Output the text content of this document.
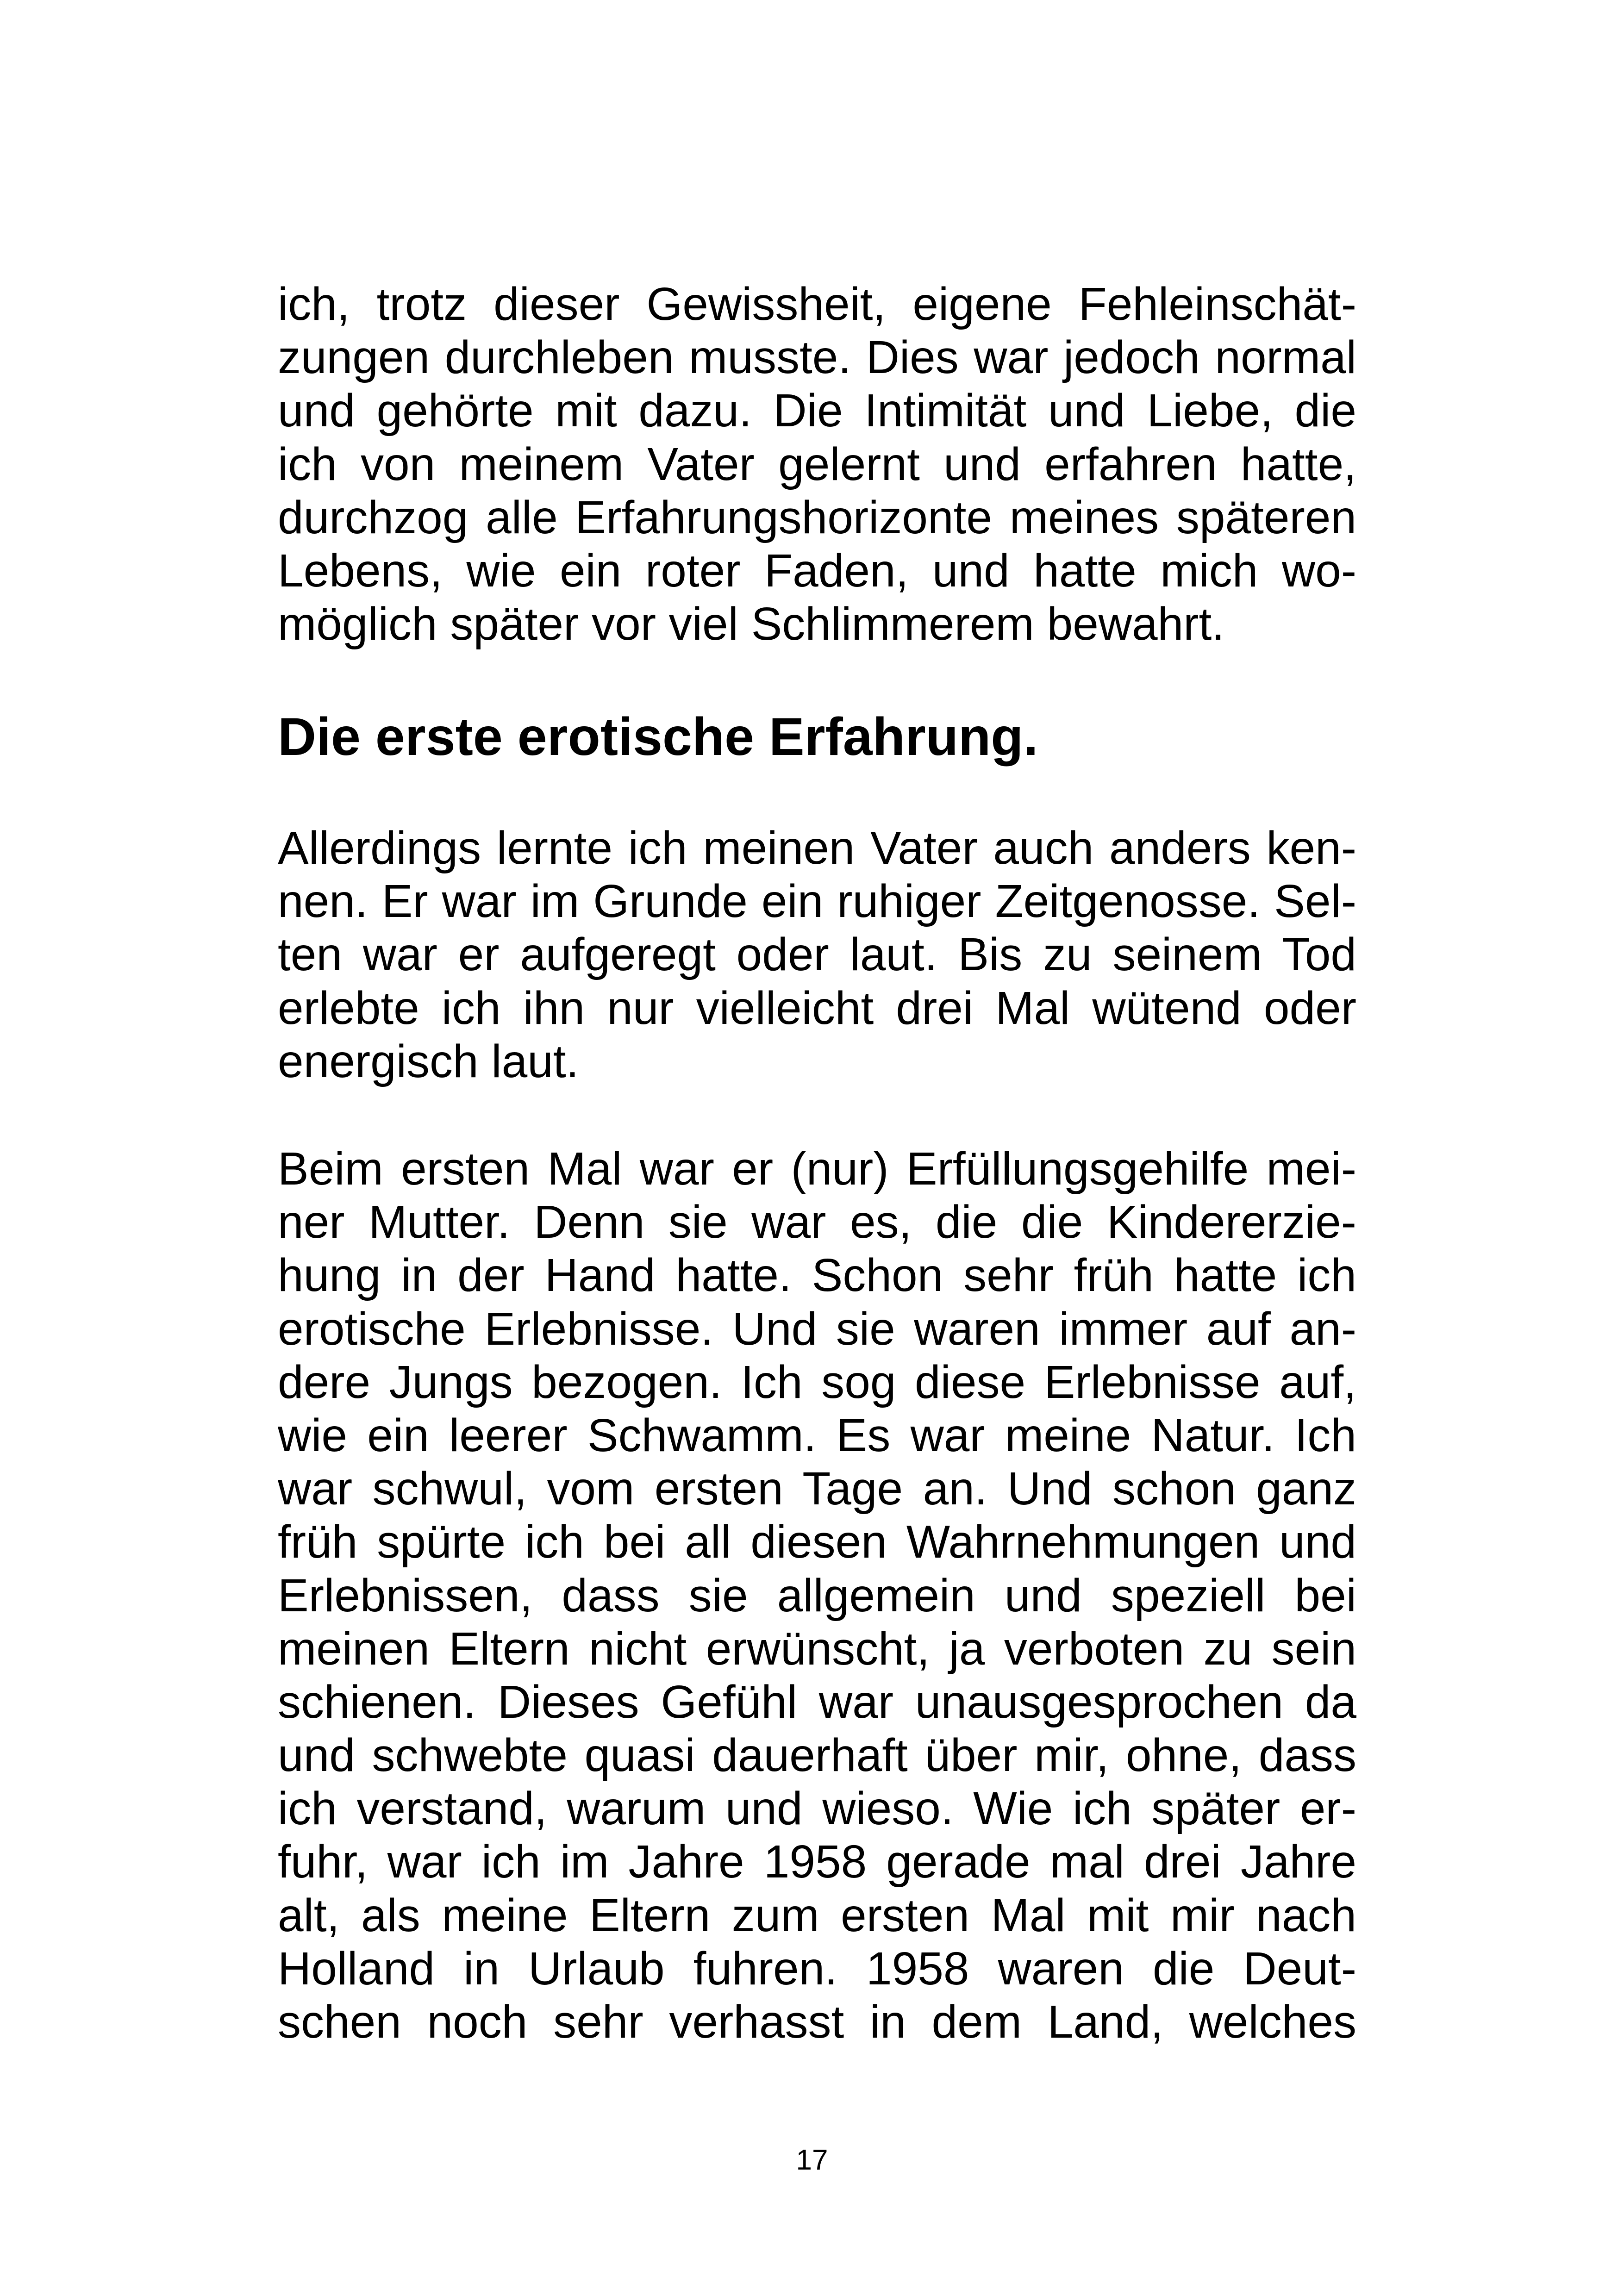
ich, trotz dieser Gewissheit, eigene Fehleinschät-
zungen durchleben musste. Dies war jedoch normal
und gehörte mit dazu. Die Intimität und Liebe, die
ich von meinem Vater gelernt und erfahren hatte,
durchzog alle Erfahrungshorizonte meines späteren
Lebens, wie ein roter Faden, und hatte mich wo-
möglich später vor viel Schlimmerem bewahrt.
Die erste erotische Erfahrung.
Allerdings lernte ich meinen Vater auch anders ken-
nen. Er war im Grunde ein ruhiger Zeitgenosse. Sel-
ten war er aufgeregt oder laut. Bis zu seinem Tod
erlebte ich ihn nur vielleicht drei Mal wütend oder
energisch laut.
Beim ersten Mal war er (nur) Erfüllungsgehilfe mei-
ner Mutter. Denn sie war es, die die Kindererzie-
hung in der Hand hatte. Schon sehr früh hatte ich
erotische Erlebnisse. Und sie waren immer auf an-
dere Jungs bezogen. Ich sog diese Erlebnisse auf,
wie ein leerer Schwamm. Es war meine Natur. Ich
war schwul, vom ersten Tage an. Und schon ganz
früh spürte ich bei all diesen Wahrnehmungen und
Erlebnissen, dass sie allgemein und speziell bei
meinen Eltern nicht erwünscht, ja verboten zu sein
schienen. Dieses Gefühl war unausgesprochen da
und schwebte quasi dauerhaft über mir, ohne, dass
ich verstand, warum und wieso. Wie ich später er-
fuhr, war ich im Jahre 1958 gerade mal drei Jahre
alt, als meine Eltern zum ersten Mal mit mir nach
Holland in Urlaub fuhren. 1958 waren die Deut-
schen noch sehr verhasst in dem Land, welches
17
